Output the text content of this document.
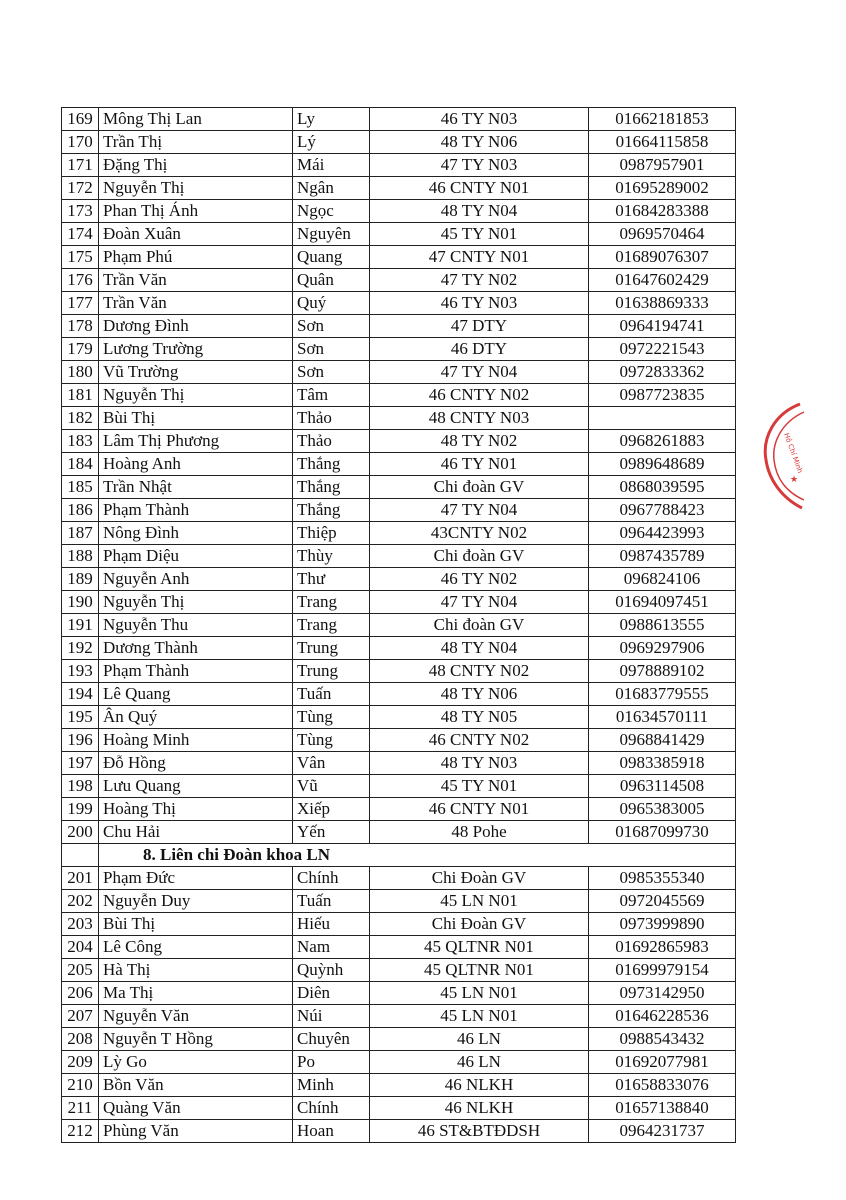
169	Mông Thị Lan	Ly	46 TY N03	01662181853
170	Trần Thị	Lý	48 TY N06	01664115858
171	Đặng Thị	Mái	47 TY N03	0987957901
172	Nguyễn Thị	Ngân	46 CNTY N01	01695289002
173	Phan Thị Ánh	Ngọc	48 TY N04	01684283388
174	Đoàn Xuân	Nguyên	45 TY N01	0969570464
175	Phạm Phú	Quang	47 CNTY N01	01689076307
176	Trần Văn	Quân	47 TY N02	01647602429
177	Trần Văn	Quý	46 TY N03	01638869333
178	Dương Đình	Sơn	47 DTY	0964194741
179	Lương Trường	Sơn	46 DTY	0972221543
180	Vũ Trường	Sơn	47 TY N04	0972833362
181	Nguyễn Thị	Tâm	46 CNTY N02	0987723835
182	Bùi Thị	Thảo	48 CNTY N03	
183	Lâm Thị Phương	Thảo	48 TY N02	0968261883
184	Hoàng Anh	Thắng	46 TY N01	0989648689
185	Trần Nhật	Thắng	Chi đoàn GV	0868039595
186	Phạm Thành	Thắng	47 TY N04	0967788423
187	Nông Đình	Thiệp	43CNTY N02	0964423993
188	Phạm Diệu	Thùy	Chi đoàn GV	0987435789
189	Nguyễn Anh	Thư	46 TY N02	096824106
190	Nguyễn Thị	Trang	47 TY N04	01694097451
191	Nguyễn Thu	Trang	Chi đoàn GV	0988613555
192	Dương Thành	Trung	48 TY N04	0969297906
193	Phạm Thành	Trung	48 CNTY N02	0978889102
194	Lê Quang	Tuấn	48 TY N06	01683779555
195	Ân Quý	Tùng	48 TY N05	01634570111
196	Hoàng Minh	Tùng	46 CNTY N02	0968841429
197	Đỗ Hồng	Vân	48 TY N03	0983385918
198	Lưu Quang	Vũ	45 TY N01	0963114508
199	Hoàng Thị	Xiếp	46 CNTY N01	0965383005
200	Chu Hải	Yến	48 Pohe	01687099730
	8. Liên chi Đoàn khoa LN			
201	Phạm Đức	Chính	Chi Đoàn GV	0985355340
202	Nguyễn Duy	Tuấn	45 LN N01	0972045569
203	Bùi Thị	Hiếu	Chi Đoàn GV	0973999890
204	Lê Công	Nam	45 QLTNR N01	01692865983
205	Hà Thị	Quỳnh	45 QLTNR N01	01699979154
206	Ma Thị	Diên	45 LN N01	0973142950
207	Nguyễn Văn	Núi	45 LN N01	01646228536
208	Nguyễn T Hồng	Chuyên	46 LN	0988543432
209	Lỳ Go	Po	46 LN	01692077981
210	Bồn Văn	Minh	46 NLKH	01658833076
211	Quàng Văn	Chính	46 NLKH	01657138840
212	Phùng Văn	Hoan	46 ST&BTĐDSH	0964231737
Hồ Chí Minh
★
